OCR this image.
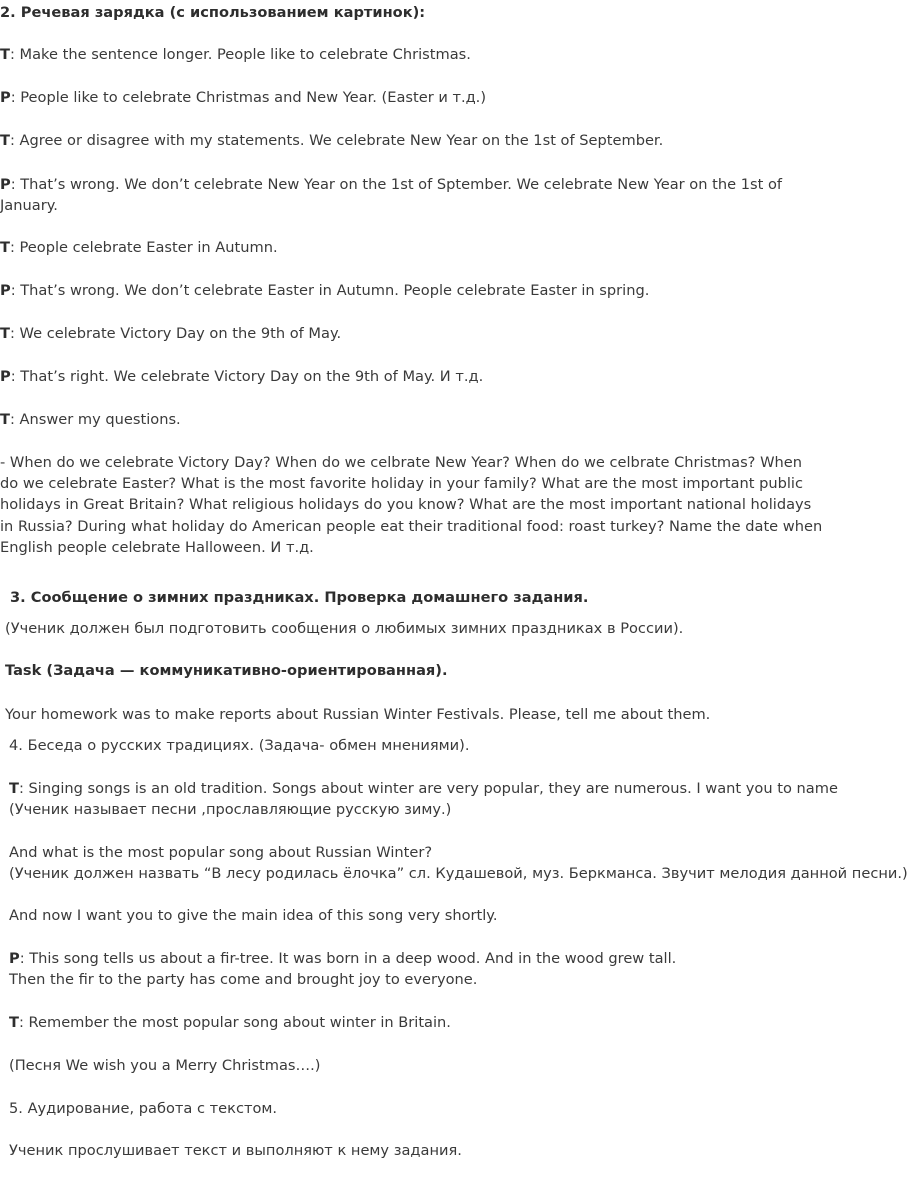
2. Речевая зарядка (с использованием картинок):
T: Make the sentence longer. People like to celebrate Christmas.
P: People like to celebrate Christmas and New Year. (Easter и т.д.)
T: Agree or disagree with my statements. We celebrate New Year on the 1st of September.
P: That’s wrong. We don’t celebrate New Year on the 1st of Sptember. We celebrate New Year on the 1st of
January.
T: People celebrate Easter in Autumn.
P: That’s wrong. We don’t celebrate Easter in Autumn. People celebrate Easter in spring.
T: We celebrate Victory Day on the 9th of May.
P: That’s right. We celebrate Victory Day on the 9th of May. И т.д.
T: Answer my questions.
- When do we celebrate Victory Day? When do we celbrate New Year? When do we celbrate Christmas? When
do we celebrate Easter? What is the most favorite holiday in your family? What are the most important public
holidays in Great Britain? What religious holidays do you know? What are the most important national holidays
in Russia? During what holiday do American people eat their traditional food: roast turkey? Name the date when
English people celebrate Halloween. И т.д.
3. Сообщение о зимних праздниках. Проверка домашнего задания.
(Ученик должен был подготовить сообщения о любимых зимних праздниках в России).
Task (Задача — коммуникативно-ориентированная).
Your homework was to make reports about Russian Winter Festivals. Please, tell me about them.
4. Беседа о русских традициях. (Задача- обмен мнениями).
T: Singing songs is an old tradition. Songs about winter are very popular, they are numerous. I want you to name
(Ученик называет песни ,прославляющие русскую зиму.)
And what is the most popular song about Russian Winter?
(Ученик должен назвать “В лесу родилась ёлочка” сл. Кудашевой, муз. Беркманса. Звучит мелодия данной песни.)
And now I want you to give the main idea of this song very shortly.
P: This song tells us about a fir-tree. It was born in a deep wood. And in the wood grew tall.
Then the fir to the party has come and brought joy to everyone.
T: Remember the most popular song about winter in Britain.
(Песня We wish you a Merry Christmas….)
5. Аудирование, работа с текстом.
Ученик прослушивает текст и выполняют к нему задания.
